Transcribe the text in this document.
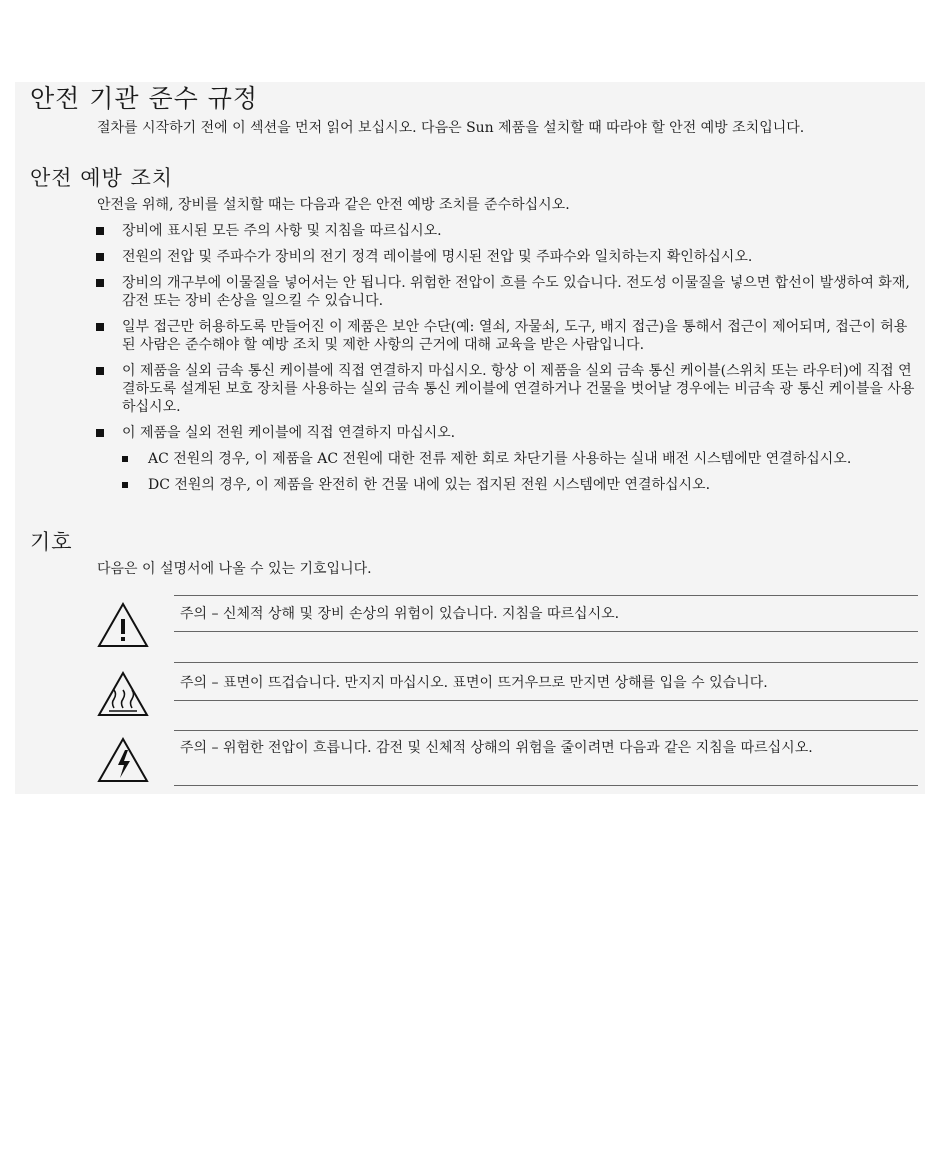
안전 기관 준수 규정

절차를 시작하기 전에 이 섹션을 먼저 읽어 보십시오. 다음은 Sun 제품을 설치할 때 따라야 할 안전 예방 조치입니다.

안전 예방 조치

안전을 위해, 장비를 설치할 때는 다음과 같은 안전 예방 조치를 준수하십시오.

장비에 표시된 모든 주의 사항 및 지침을 따르십시오.
전원의 전압 및 주파수가 장비의 전기 정격 레이블에 명시된 전압 및 주파수와 일치하는지 확인하십시오.
장비의 개구부에 이물질을 넣어서는 안 됩니다. 위험한 전압이 흐를 수도 있습니다. 전도성 이물질을 넣으면 합선이 발생하여 화재, 감전 또는 장비 손상을 일으킬 수 있습니다.
일부 접근만 허용하도록 만들어진 이 제품은 보안 수단(예: 열쇠, 자물쇠, 도구, 배지 접근)을 통해서 접근이 제어되며, 접근이 허용된 사람은 준수해야 할 예방 조치 및 제한 사항의 근거에 대해 교육을 받은 사람입니다.
이 제품을 실외 금속 통신 케이블에 직접 연결하지 마십시오. 항상 이 제품을 실외 금속 통신 케이블(스위치 또는 라우터)에 직접 연결하도록 설계된 보호 장치를 사용하는 실외 금속 통신 케이블에 연결하거나 건물을 벗어날 경우에는 비금속 광 통신 케이블을 사용하십시오.
이 제품을 실외 전원 케이블에 직접 연결하지 마십시오.
AC 전원의 경우, 이 제품을 AC 전원에 대한 전류 제한 회로 차단기를 사용하는 실내 배전 시스템에만 연결하십시오.
DC 전원의 경우, 이 제품을 완전히 한 건물 내에 있는 접지된 전원 시스템에만 연결하십시오.
기호

다음은 이 설명서에 나올 수 있는 기호입니다.

주의 – 신체적 상해 및 장비 손상의 위험이 있습니다. 지침을 따르십시오.
주의 – 표면이 뜨겁습니다. 만지지 마십시오. 표면이 뜨거우므로 만지면 상해를 입을 수 있습니다.
주의 – 위험한 전압이 흐릅니다. 감전 및 신체적 상해의 위험을 줄이려면 다음과 같은 지침을 따르십시오.
